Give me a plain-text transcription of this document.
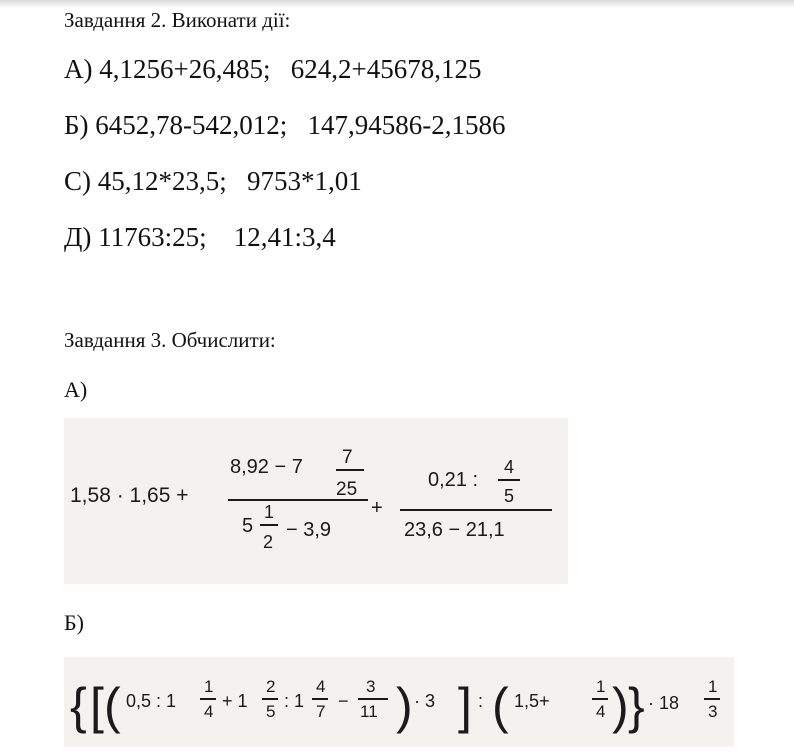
Завдання 2. Виконати дії:
А) 4,1256+26,485; 624,2+45678,125
Б) 6452,78-542,012; 147,94586-2,1586
С) 45,12*23,5; 9753*1,01
Д) 11763:25; 12,41:3,4
Завдання 3. Обчислити:
А)
1,58 · 1,65 +
8,92 − 7 7
25
5
1
2
− 3,9
+
0,21 :
4
5
23,6 − 21,1
Б)
{ [ ( 0,5 : 1
1
4
+ 1
2
5
: 1
4
7
−
3
11 ) · 3 ] : ( 1,5+
1
4 ) } · 18
1
3
